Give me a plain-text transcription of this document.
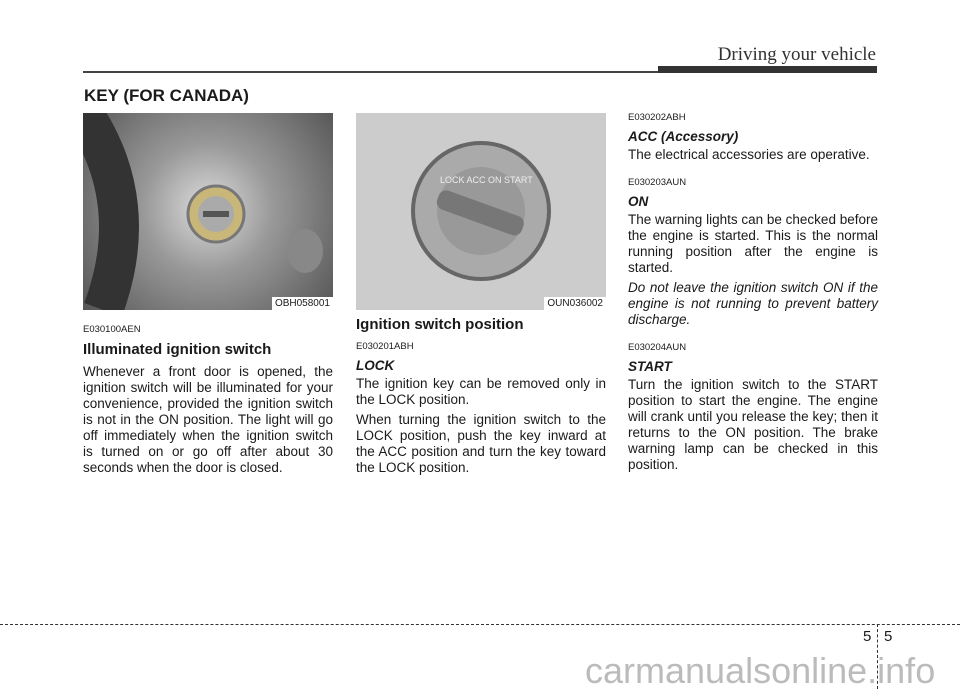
Driving your vehicle
KEY (FOR CANADA)
OBH058001
E030100AEN
Illuminated ignition switch

Whenever a front door is opened, the ignition switch will be illuminated for your convenience, provided the ignition switch is not in the ON position. The light will go off immediately when the ignition switch is turned on or go off after about 30 seconds when the door is closed.

LOCK ACC ON START
OUN036002
Ignition switch position
E030201ABH
LOCK

The ignition key can be removed only in the LOCK position.

When turning the ignition switch to the LOCK position, push the key inward at the ACC position and turn the key toward the LOCK position.

E030202ABH
ACC (Accessory)

The electrical accessories are operative.

E030203AUN
ON

The warning lights can be checked before the engine is started. This is the normal running position after the engine is started.

Do not leave the ignition switch ON if the engine is not running to prevent battery discharge.

E030204AUN
START

Turn the ignition switch to the START position to start the engine. The engine will crank until you release the key; then it returns to the ON position. The brake warning lamp can be checked in this position.

5 5
carmanualsonline.info
